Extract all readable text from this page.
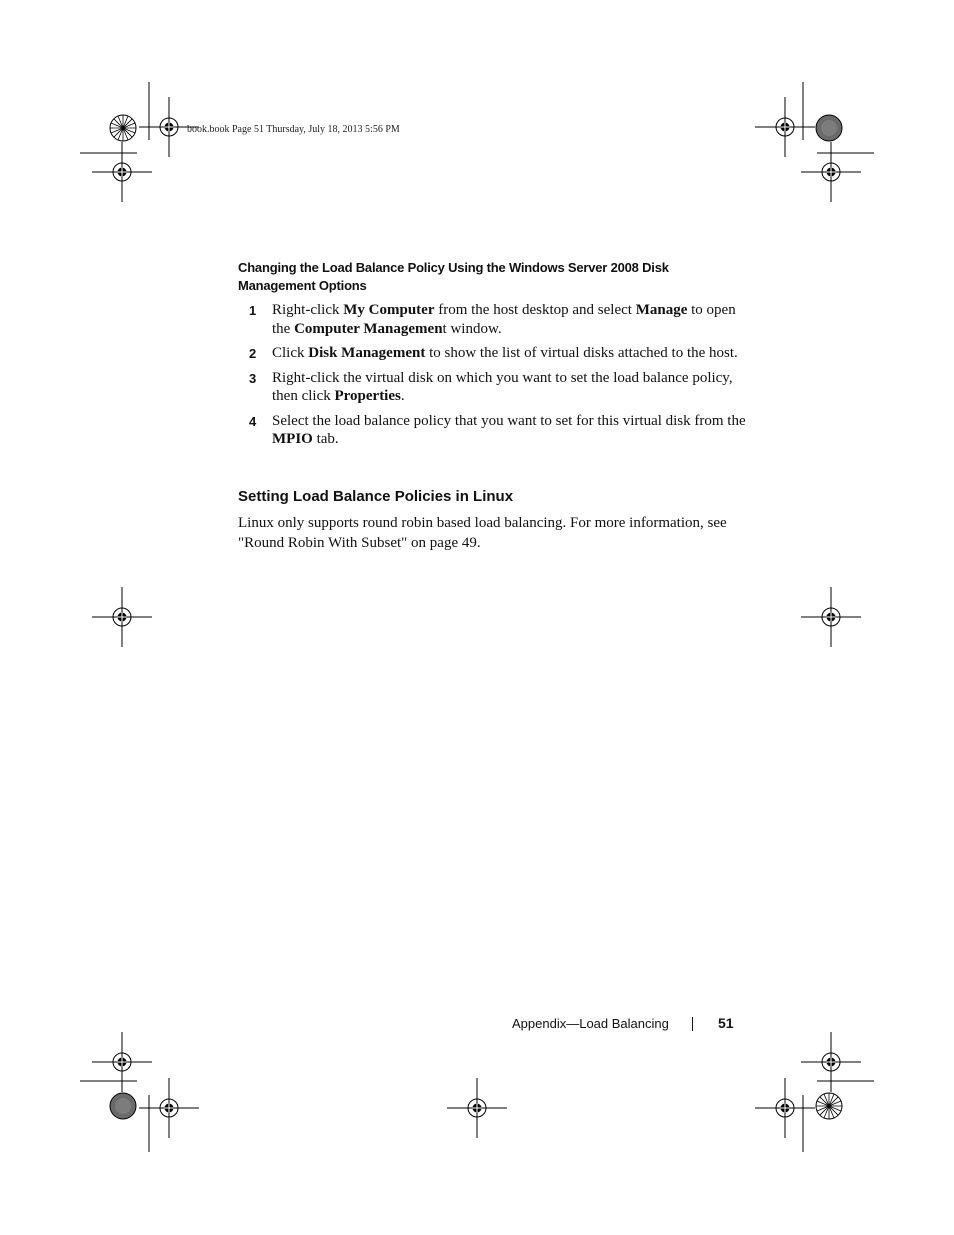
book.book Page 51 Thursday, July 18, 2013 5:56 PM
Changing the Load Balance Policy Using the Windows Server 2008 Disk Management Options
1 Right-click My Computer from the host desktop and select Manage to open the Computer Management window.
2 Click Disk Management to show the list of virtual disks attached to the host.
3 Right-click the virtual disk on which you want to set the load balance policy, then click Properties.
4 Select the load balance policy that you want to set for this virtual disk from the MPIO tab.
Setting Load Balance Policies in Linux

Linux only supports round robin based load balancing. For more information, see "Round Robin With Subset" on page 49.

Appendix—Load Balancing	51
